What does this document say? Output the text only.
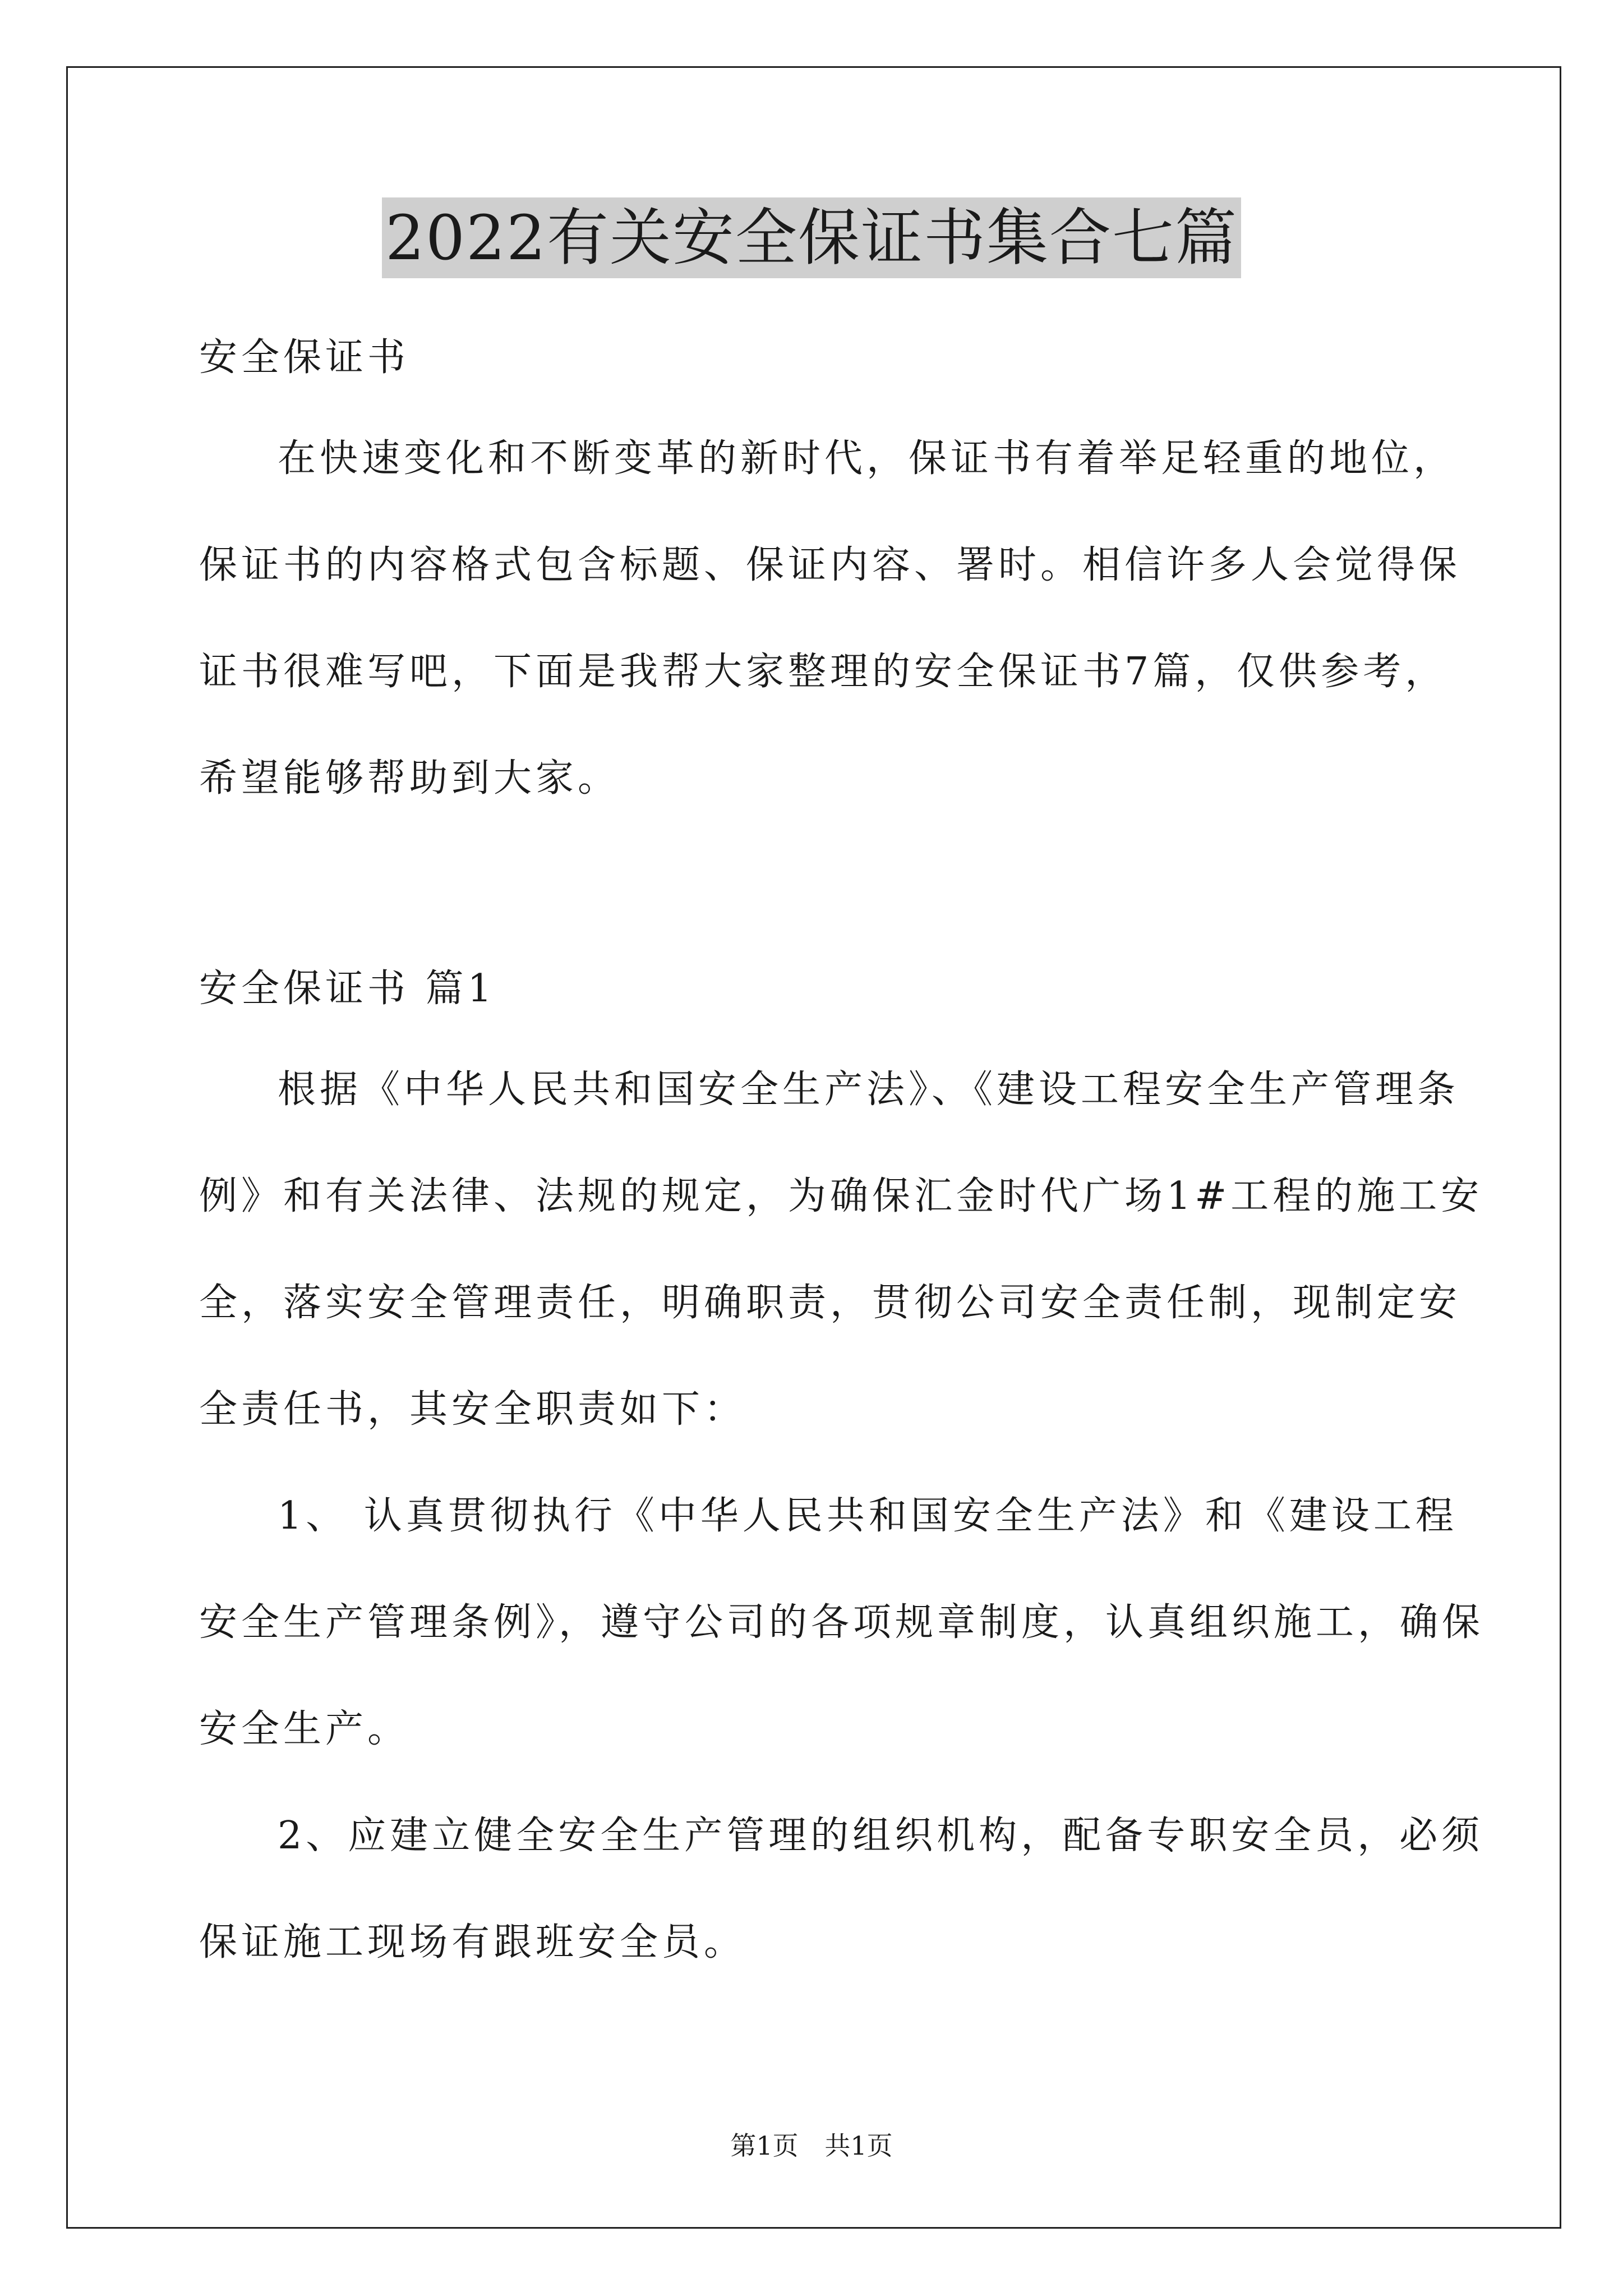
2022有关安全保证书集合七篇
安全保证书
在快速变化和不断变革的新时代，保证书有着举足轻重的地位，
保证书的内容格式包含标题、保证内容、署时。相信许多人会觉得保
证书很难写吧，下面是我帮大家整理的安全保证书7篇，仅供参考，
希望能够帮助到大家。
安全保证书 篇1
根据《中华人民共和国安全生产法》、《建设工程安全生产管理条
例》和有关法律、法规的规定，为确保汇金时代广场1#工程的施工安
全，落实安全管理责任，明确职责，贯彻公司安全责任制，现制定安
全责任书，其安全职责如下：
1、 认真贯彻执行《中华人民共和国安全生产法》和《建设工程
安全生产管理条例》，遵守公司的各项规章制度，认真组织施工，确保
安全生产。
2、应建立健全安全生产管理的组织机构，配备专职安全员，必须
保证施工现场有跟班安全员。
第1页 共1页
